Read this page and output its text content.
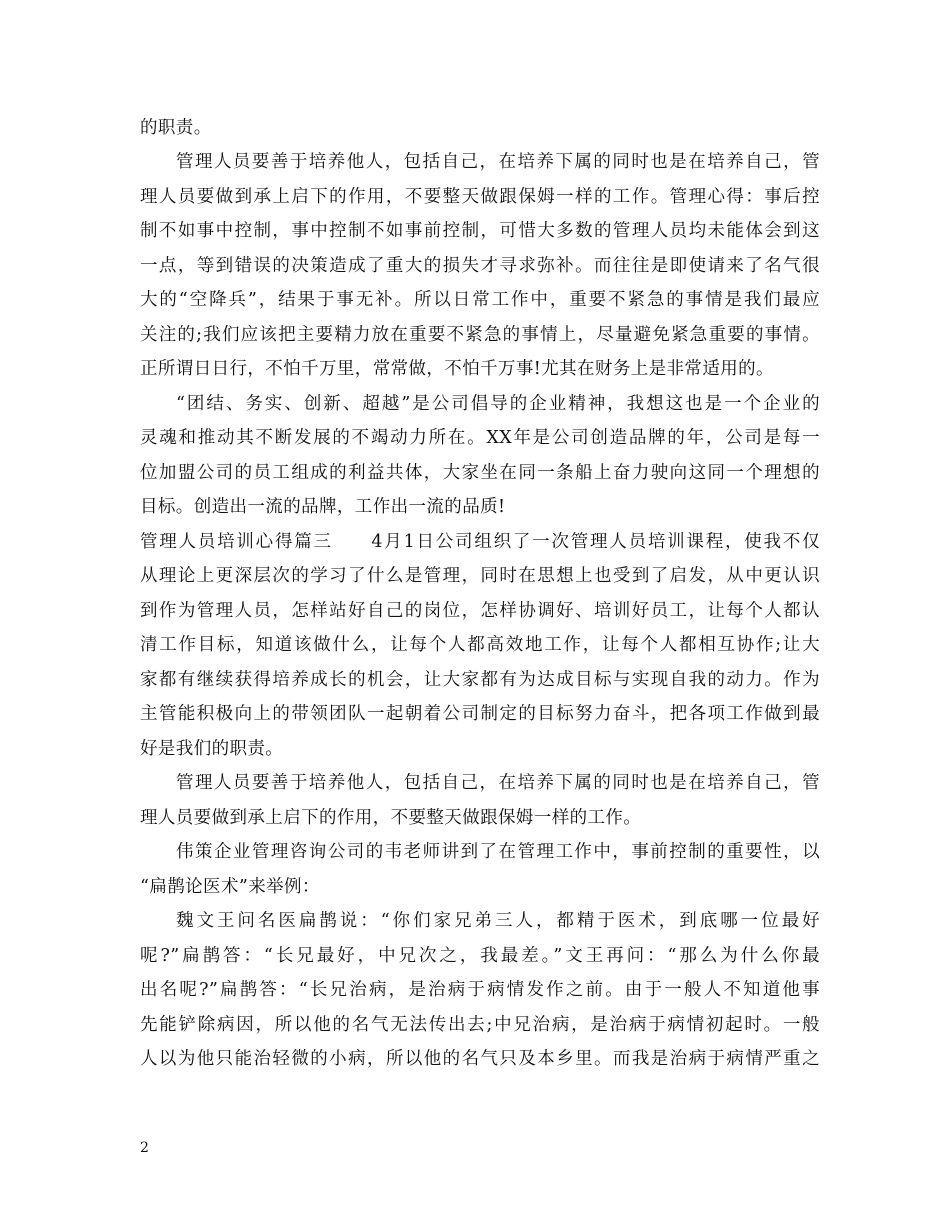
的职责。
管理人员要善于培养他人，包括自己，在培养下属的同时也是在培养自己，管
理人员要做到承上启下的作用，不要整天做跟保姆一样的工作。管理心得：事后控
制不如事中控制，事中控制不如事前控制，可惜大多数的管理人员均未能体会到这
一点，等到错误的决策造成了重大的损失才寻求弥补。而往往是即使请来了名气很
大的“空降兵”，结果于事无补。所以日常工作中，重要不紧急的事情是我们最应
关注的;我们应该把主要精力放在重要不紧急的事情上，尽量避免紧急重要的事情。
正所谓日日行，不怕千万里，常常做，不怕千万事!尤其在财务上是非常适用的。
“团结、务实、创新、超越”是公司倡导的企业精神，我想这也是一个企业的
灵魂和推动其不断发展的不竭动力所在。XX年是公司创造品牌的年，公司是每一
位加盟公司的员工组成的利益共体，大家坐在同一条船上奋力驶向这同一个理想的
目标。创造出一流的品牌，工作出一流的品质!
管理人员培训心得篇三　　4月1日公司组织了一次管理人员培训课程，使我不仅
从理论上更深层次的学习了什么是管理，同时在思想上也受到了启发，从中更认识
到作为管理人员，怎样站好自己的岗位，怎样协调好、培训好员工，让每个人都认
清工作目标，知道该做什么，让每个人都高效地工作，让每个人都相互协作;让大
家都有继续获得培养成长的机会，让大家都有为达成目标与实现自我的动力。作为
主管能积极向上的带领团队一起朝着公司制定的目标努力奋斗，把各项工作做到最
好是我们的职责。
管理人员要善于培养他人，包括自己，在培养下属的同时也是在培养自己，管
理人员要做到承上启下的作用，不要整天做跟保姆一样的工作。
伟策企业管理咨询公司的韦老师讲到了在管理工作中，事前控制的重要性，以
“扁鹊论医术”来举例：
魏文王问名医扁鹊说：“你们家兄弟三人，都精于医术，到底哪一位最好
呢?”扁鹊答：“长兄最好，中兄次之，我最差。”文王再问：“那么为什么你最
出名呢?”扁鹊答：“长兄治病，是治病于病情发作之前。由于一般人不知道他事
先能铲除病因，所以他的名气无法传出去;中兄治病，是治病于病情初起时。一般
人以为他只能治轻微的小病，所以他的名气只及本乡里。而我是治病于病情严重之
2
